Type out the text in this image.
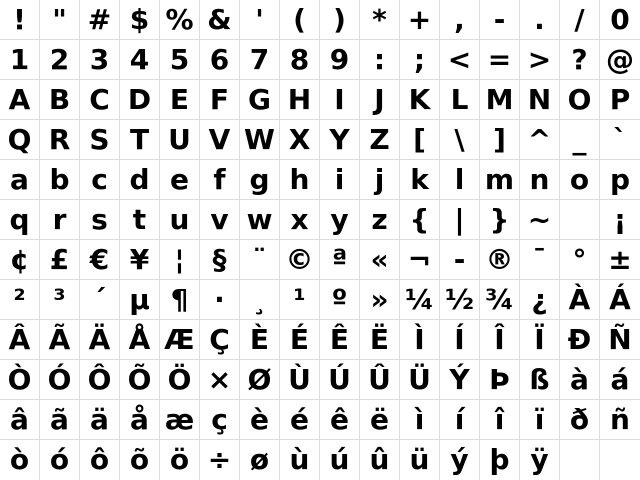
! " # $ % & '	( ) * + ,	-	.	/ 0
1 2 3 4 5 6 7 8 9 :	; < = > ? @
A B C D E F G H I	J K L M N O P
Q R S T U V W X Y Z [	\	] ^ _ `
a b c d e f g h i	j k l m n o p
q r s t u v w x y z { | } ~	¡
¢ £ € ¥ ¦ § ¨ © ª « ¬ - ® ¯ ° ±
² ³ ´ µ ¶ · ¸ ¹ º » ¼ ½ ¾ ¿ À Á
Â Ã Ä Å Æ Ç È É Ê Ë Ì	Í	Î	Ï Ð Ñ
Ò Ó Ô Õ Ö × Ø Ù Ú Û Ü Ý Þ ß à á
â ã ä å æ ç è é ê ë ì	í	î	ï ð ñ
ò ó ô õ ö ÷ ø ù ú û ü ý þ ÿ
